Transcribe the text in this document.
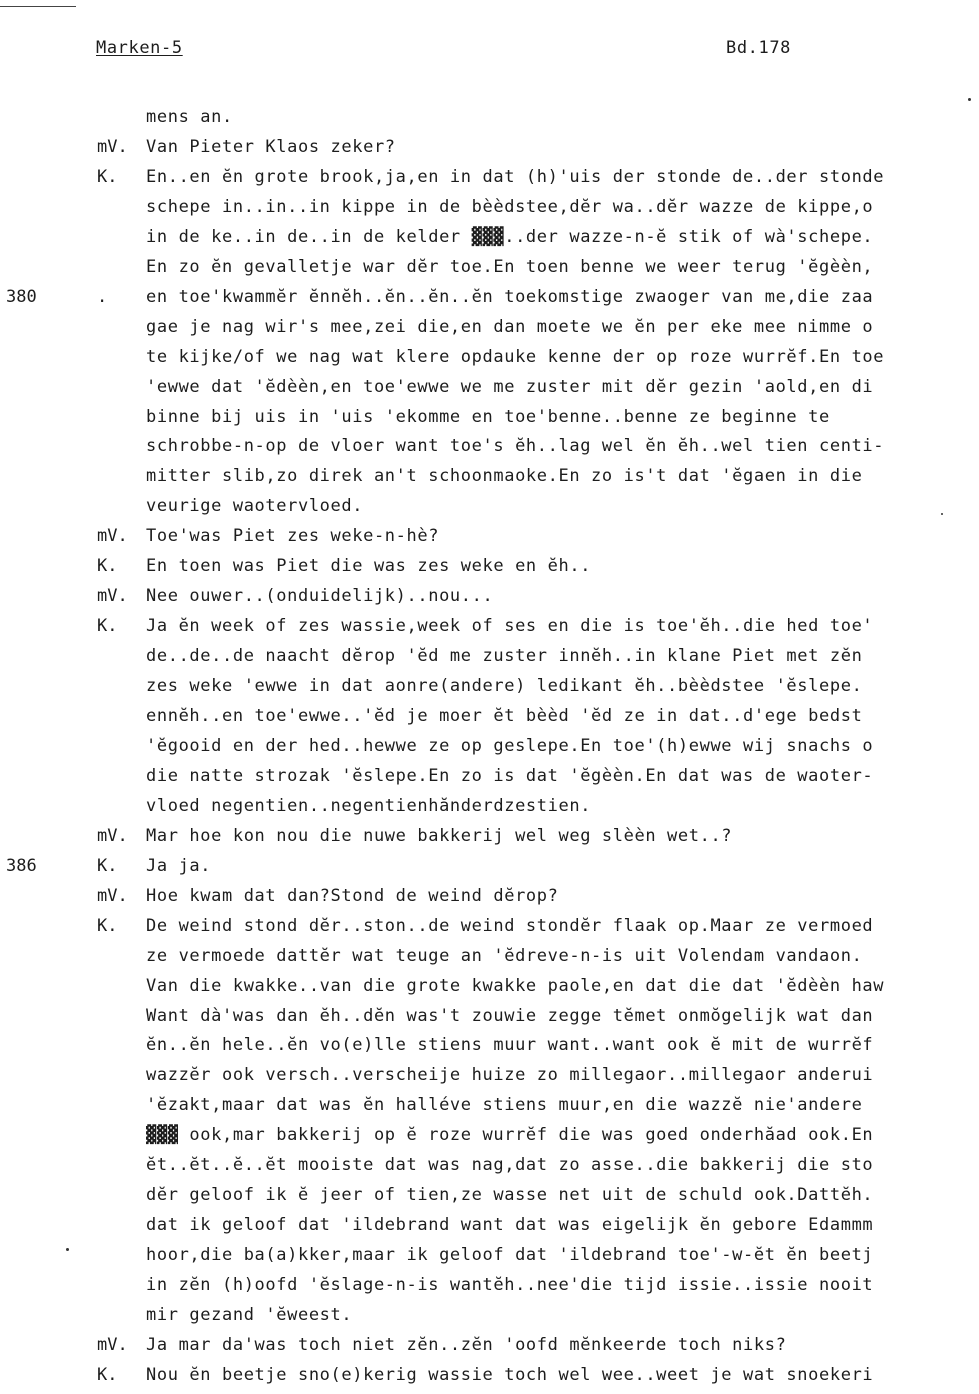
Marken-5	Bd.178
mens an.
mV.	Van Pieter Klaos zeker?
K.	En..en ĕn grote brook,ja,en in dat (h)'uis der stonde de..der stonde
schepe in..in..in kippe in de bèèdstee,dĕr wa..dĕr wazze de kippe,o
in de ke..in de..in de kelder ▓▓▓..der wazze-n-ĕ stik of wà'schepe.
En zo ĕn gevalletje war dĕr toe.En toen benne we weer terug 'ĕgèèn,
380	.	en toe'kwammĕr ĕnnĕh..ĕn..ĕn..ĕn toekomstige zwaoger van me,die zaa
gae je nag wir's mee,zei die,en dan moete we ĕn per eke mee nimme o
te kijke/of we nag wat klere opdauke kenne der op roze wurrĕf.En toe
'ewwe dat 'ĕdèèn,en toe'ewwe we me zuster mit dĕr gezin 'aold,en di
binne bij uis in 'uis 'ekomme en toe'benne..benne ze beginne te
schrobbe-n-op de vloer want toe's ĕh..lag wel ĕn ĕh..wel tien centi-
mitter slib,zo direk an't schoonmaoke.En zo is't dat 'ĕgaen in die
veurige waotervloed.
mV.	Toe'was Piet zes weke-n-hè?
K.	En toen was Piet die was zes weke en ĕh..
mV.	Nee ouwer..(onduidelijk)..nou...
K.	Ja ĕn week of zes wassie,week of ses en die is toe'ĕh..die hed toe'
de..de..de naacht dĕrop 'ĕd me zuster innĕh..in klane Piet met zĕn
zes weke 'ewwe in dat aonre(andere) ledikant ĕh..bèèdstee 'ĕslepe.
ennĕh..en toe'ewwe..'ĕd je moer ĕt bèèd 'ĕd ze in dat..d'ege bedst
'ĕgooid en der hed..hewwe ze op geslepe.En toe'(h)ewwe wij snachs o
die natte strozak 'ĕslepe.En zo is dat 'ĕgèèn.En dat was de waoter-
vloed negentien..negentienhănderdzestien.
mV.	Mar hoe kon nou die nuwe bakkerij wel weg slèèn wet..?
386	K.	Ja ja.
mV.	Hoe kwam dat dan?Stond de weind dĕrop?
K.	De weind stond dĕr..ston..de weind stondĕr flaak op.Maar ze vermoed
ze vermoede dattĕr wat teuge an 'ĕdreve-n-is uit Volendam vandaon.
Van die kwakke..van die grote kwakke paole,en dat die dat 'ĕdèèn haw
Want dà'was dan ĕh..dĕn was't zouwie zegge tĕmet onmŏgelijk wat dan
ĕn..ĕn hele..ĕn vo(e)lle stiens muur want..want ook ĕ mit de wurrĕf
wazzĕr ook versch..verscheije huize zo millegaor..millegaor anderui
'ĕzakt,maar dat was ĕn halléve stiens muur,en die wazzĕ nie'andere
▓▓▓ ook,mar bakkerij op ĕ roze wurrĕf die was goed onderhăad ook.En
ĕt..ĕt..ĕ..ĕt mooiste dat was nag,dat zo asse..die bakkerij die sto
dĕr geloof ik ĕ jeer of tien,ze wasse net uit de schuld ook.Dattĕh.
dat ik geloof dat 'ildebrand want dat was eigelijk ĕn gebore Edammm
hoor,die ba(a)kker,maar ik geloof dat 'ildebrand toe'-w-ĕt ĕn beetj
in zĕn (h)oofd 'ĕslage-n-is wantĕh..nee'die tijd issie..issie nooit
mir gezand 'ĕweest.
mV.	Ja mar da'was toch niet zĕn..zĕn 'oofd mĕnkeerde toch niks?
K.	Nou ĕn beetje sno(e)kerig wassie toch wel wee..weet je wat snoekeri
